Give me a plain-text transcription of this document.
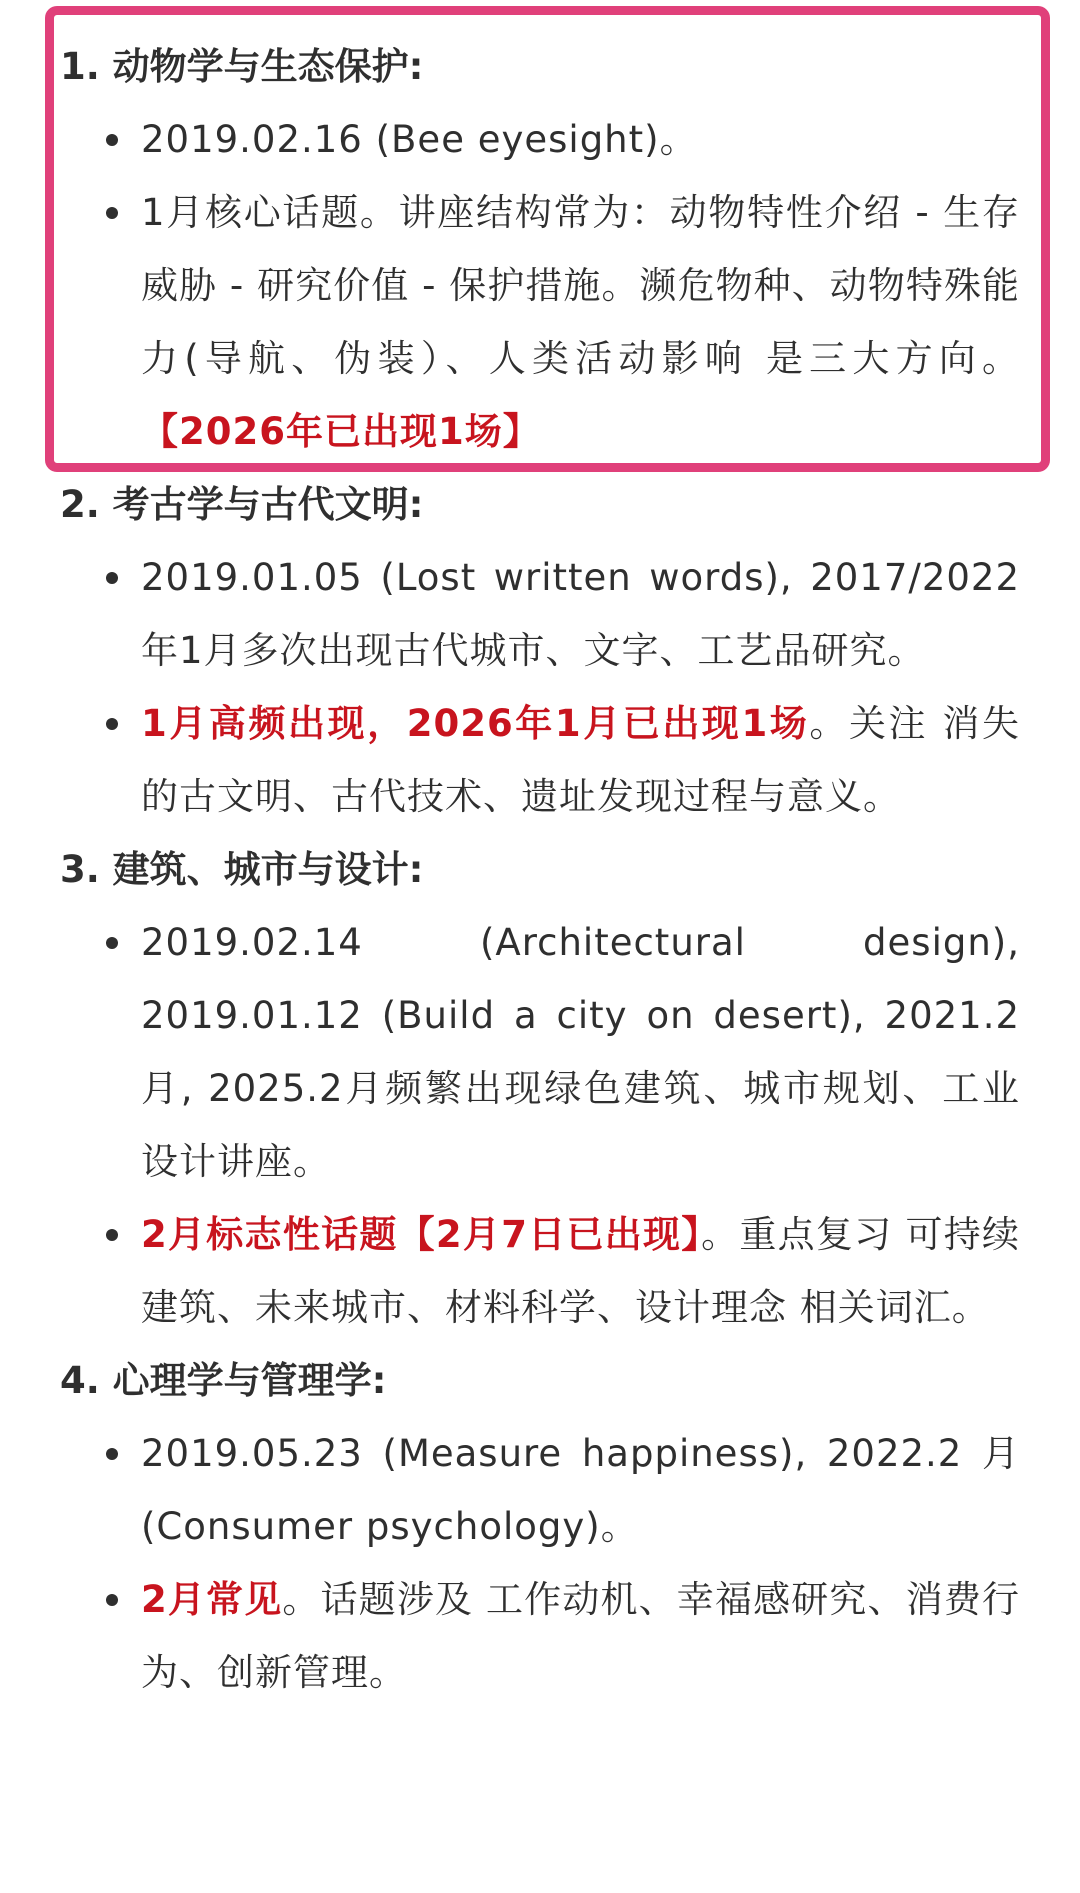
1. 动物学与生态保护:
2019.02.16 (Bee eyesight)。
1月核心话题。讲座结构常为：动物特性介绍 - 生存威胁 - 研究价值 - 保护措施。濒危物种、动物特殊能力(导航、伪装）、人类活动影响 是三大方向。【2026年已出现1场】
2. 考古学与古代文明:
2019.01.05 (Lost written words), 2017/2022年1月多次出现古代城市、文字、工艺品研究。
1月高频出现，2026年1月已出现1场。关注 消失的古文明、古代技术、遗址发现过程与意义。
3. 建筑、城市与设计:
2019.02.14 (Architectural design), 2019.01.12 (Build a city on desert), 2021.2月, 2025.2月频繁出现绿色建筑、城市规划、工业设计讲座。
2月标志性话题【2月7日已出现】。重点复习 可持续建筑、未来城市、材料科学、设计理念 相关词汇。
4. 心理学与管理学:
2019.05.23 (Measure happiness), 2022.2 月 (Consumer psychology)。
2月常见。话题涉及 工作动机、幸福感研究、消费行为、创新管理。
